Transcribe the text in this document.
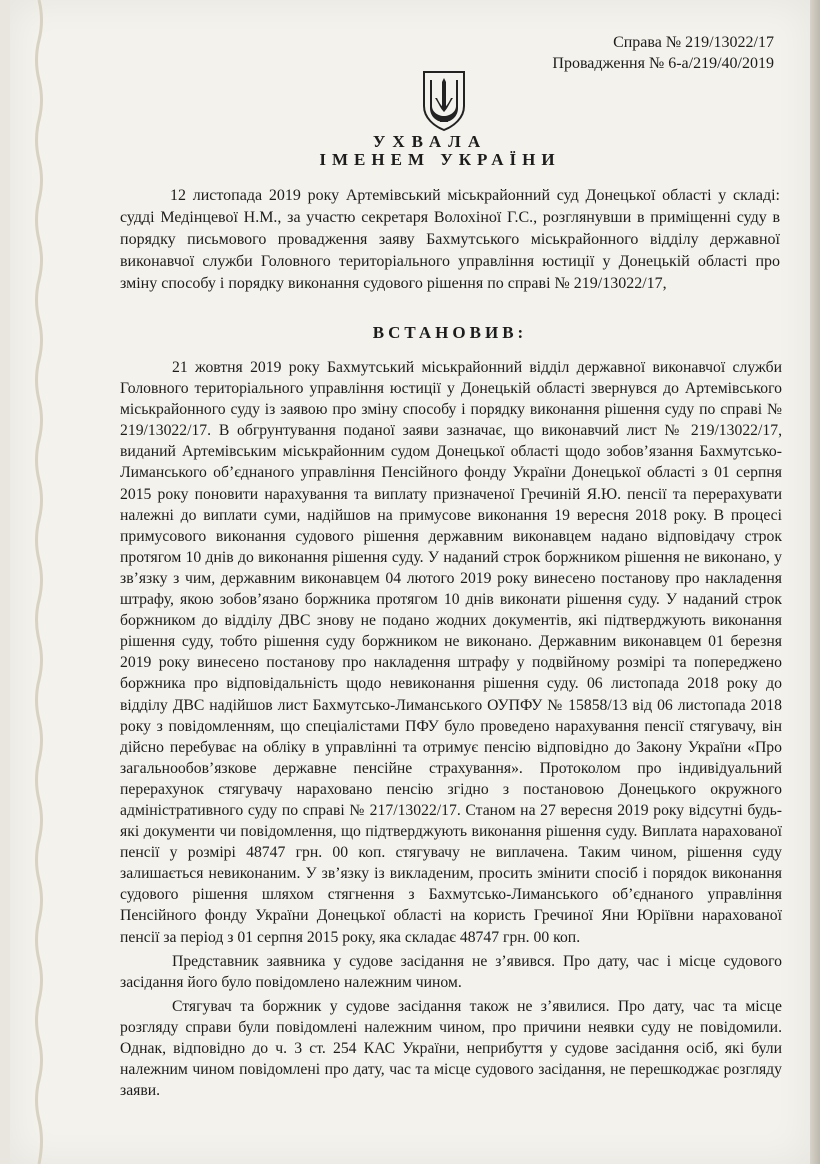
Справа № 219/13022/17
Провадження № 6-а/219/40/2019
УХВАЛА
ІМЕНЕМ УКРАЇНИ

12 листопада 2019 року Артемівський міськрайонний суд Донецької області у складі: судді Медінцевої Н.М., за участю секретаря Волохіної Г.С., розглянувши в приміщенні суду в порядку письмового провадження заяву Бахмутського міськрайонного відділу державної виконавчої служби Головного територіального управління юстиції у Донецькій області про зміну способу і порядку виконання судового рішення по справі № 219/13022/17,

ВСТАНОВИВ:

21 жовтня 2019 року Бахмутський міськрайонний відділ державної виконавчої служби Головного територіального управління юстиції у Донецькій області звернувся до Артемівського міськрайонного суду із заявою про зміну способу і порядку виконання рішення суду по справі № 219/13022/17. В обгрунтування поданої заяви зазначає, що виконавчий лист № 219/13022/17, виданий Артемівським міськрайонним судом Донецької області щодо зобов’язання Бахмутсько-Лиманського об’єднаного управління Пенсійного фонду України Донецької області з 01 серпня 2015 року поновити нарахування та виплату призначеної Гречиній Я.Ю. пенсії та перерахувати належні до виплати суми, надійшов на примусове виконання 19 вересня 2018 року. В процесі примусового виконання судового рішення державним виконавцем надано відповідачу строк протягом 10 днів до виконання рішення суду. У наданий строк боржником рішення не виконано, у зв’язку з чим, державним виконавцем 04 лютого 2019 року винесено постанову про накладення штрафу, якою зобов’язано боржника протягом 10 днів виконати рішення суду. У наданий строк боржником до відділу ДВС знову не подано жодних документів, які підтверджують виконання рішення суду, тобто рішення суду боржником не виконано. Державним виконавцем 01 березня 2019 року винесено постанову про накладення штрафу у подвійному розмірі та попереджено боржника про відповідальність щодо невиконання рішення суду. 06 листопада 2018 року до відділу ДВС надійшов лист Бахмутсько-Лиманського ОУПФУ № 15858/13 від 06 листопада 2018 року з повідомленням, що спеціалістами ПФУ було проведено нарахування пенсії стягувачу, він дійсно перебуває на обліку в управлінні та отримує пенсію відповідно до Закону України «Про загальнообов’язкове державне пенсійне страхування». Протоколом про індивідуальний перерахунок стягувачу нараховано пенсію згідно з постановою Донецького окружного адміністративного суду по справі № 217/13022/17. Станом на 27 вересня 2019 року відсутні будь-які документи чи повідомлення, що підтверджують виконання рішення суду. Виплата нарахованої пенсії у розмірі 48747 грн. 00 коп. стягувачу не виплачена. Таким чином, рішення суду залишається невиконаним. У зв’язку із викладеним, просить змінити спосіб і порядок виконання судового рішення шляхом стягнення з Бахмутсько-Лиманського об’єднаного управління Пенсійного фонду України Донецької області на користь Гречиної Яни Юріївни нарахованої пенсії за період з 01 серпня 2015 року, яка складає 48747 грн. 00 коп.

Представник заявника у судове засідання не з’явився. Про дату, час і місце судового засідання його було повідомлено належним чином.

Стягувач та боржник у судове засідання також не з’явилися. Про дату, час та місце розгляду справи були повідомлені належним чином, про причини неявки суду не повідомили. Однак, відповідно до ч. 3 ст. 254 КАС України, неприбуття у судове засідання осіб, які були належним чином повідомлені про дату, час та місце судового засідання, не перешкоджає розгляду заяви.
